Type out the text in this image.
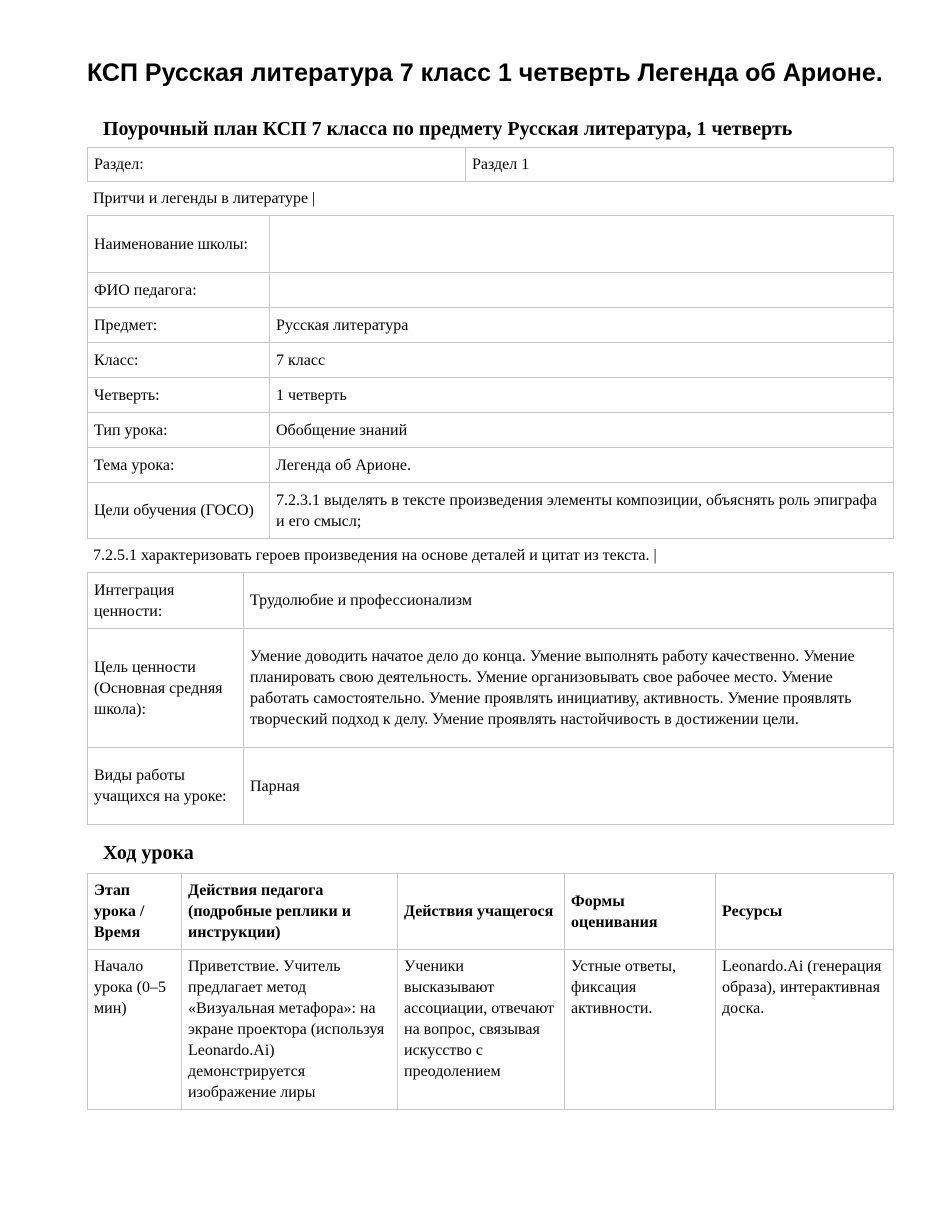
КСП Русская литература 7 класс 1 четверть Легенда об Арионе.
Поурочный план КСП 7 класса по предмету Русская литература, 1 четверть
Раздел:	Раздел 1
Притчи и легенды в литературе |
Наименование школы:	
ФИО педагога:	
Предмет:	Русская литература
Класс:	7 класс
Четверть:	1 четверть
Тип урока:	Обобщение знаний
Тема урока:	Легенда об Арионе.
Цели обучения (ГОСО)	7.2.3.1 выделять в тексте произведения элементы композиции, объяснять роль эпиграфа и его смысл;
7.2.5.1 характеризовать героев произведения на основе деталей и цитат из текста. |
Интеграция ценности:	Трудолюбие и профессионализм
Цель ценности (Основная средняя школа):	Умение доводить начатое дело до конца. Умение выполнять работу качественно. Умение планировать свою деятельность. Умение организовывать свое рабочее место. Умение работать самостоятельно. Умение проявлять инициативу, активность. Умение проявлять творческий подход к делу. Умение проявлять настойчивость в достижении цели.
Виды работы учащихся на уроке:	Парная
Ход урока
Этап урока / Время	Действия педагога (подробные реплики и инструкции)	Действия учащегося	Формы оценивания	Ресурсы
Начало урока (0–5 мин)	Приветствие. Учитель предлагает метод «Визуальная метафора»: на экране проектора (используя Leonardo.Ai) демонстрируется изображение лиры	Ученики высказывают ассоциации, отвечают на вопрос, связывая искусство с преодолением	Устные ответы, фиксация активности.	Leonardo.Ai (генерация образа), интерактивная доска.
